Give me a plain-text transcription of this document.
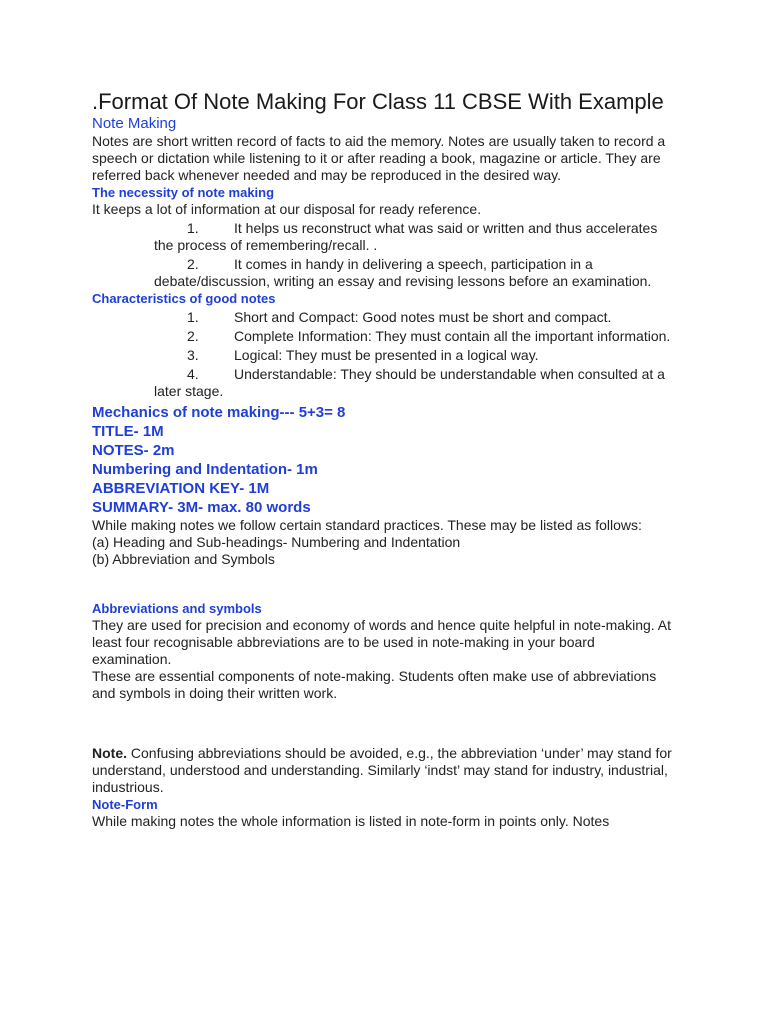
.Format Of Note Making For Class 11 CBSE With Example
Note Making

Notes are short written record of facts to aid the memory. Notes are usually taken to record a speech or dictation while listening to it or after reading a book, magazine or article. They are referred back whenever needed and may be reproduced in the desired way.

The necessity of note making

It keeps a lot of information at our disposal for ready reference.

1.	It helps us reconstruct what was said or written and thus accelerates the process of remembering/recall. .

2.	It comes in handy in delivering a speech, participation in a debate/discussion, writing an essay and revising lessons before an examination.

Characteristics of good notes

1.	Short and Compact: Good notes must be short and compact.

2.	Complete Information: They must contain all the important information.

3.	Logical: They must be presented in a logical way.

4.	Understandable: They should be understandable when consulted at a later stage.

Mechanics of note making--- 5+3= 8

TITLE- 1M

NOTES- 2m

Numbering and Indentation- 1m

ABBREVIATION KEY- 1M

SUMMARY- 3M- max. 80 words

While making notes we follow certain standard practices. These may be listed as follows:

(a) Heading and Sub-headings- Numbering and Indentation

(b) Abbreviation and Symbols

Abbreviations and symbols

They are used for precision and economy of words and hence quite helpful in note-making. At least four recognisable abbreviations are to be used in note-making in your board examination.

These are essential components of note-making. Students often make use of abbreviations and symbols in doing their written work.

Note. Confusing abbreviations should be avoided, e.g., the abbreviation ‘under’ may stand for understand, understood and understanding. Similarly ‘indst’ may stand for industry, industrial, industrious.

Note-Form

While making notes the whole information is listed in note-form in points only. Notes
